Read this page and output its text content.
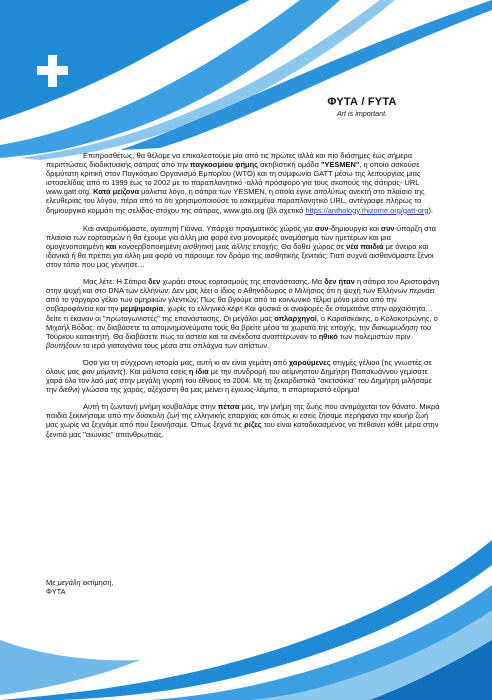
ΦΥΤΑ / FYTA
Art is important.

Επιπροσθέτως, θα θέλαμε να επικαλεστούμε μία από τις πρώτες αλλά και πιο διάσημες έως σήμερα περιπτώσεις διαδικτυακής σάτιρας από την παγκοσμίου φήμης ακτιβιστική ομάδα "YESMEN", η οποία ασκούσε δριμύτατη κριτική στον Παγκόσμιο Οργανισμό Εμπορίου (WTO) και τη συμφωνία GATT μέσω της λειτουργίας μιας ιστοσελίδας από το 1999 έως το 2002 με το παραπλανητικό -αλλά πρόσφορο για τους σκοπούς της σάτιρας- URL www.gatt.org. Κατά μείζονα μάλιστα λόγο, η σάτιρα των YESMEN, η οποία έγινε απολύτως ανεκτή στο πλαίσιο της ελευθερίας του λόγου, πέρα από το ότι χρησιμοποιούσε το εσκεμμένα παραπλανητικό URL, αντέγραφε πλήρως το δημιουργικό κομμάτι της σελίδας-στόχου της σάτιρας, www.gto.org (βλ σχετικά https://anthology.rhizome.org/gatt-org).

Και αναρωτιόμαστε, αγαπητή Γιάννα. Υπάρχει πραγματικός χώρος για συν-δημιουργία και συν-ύπαρξη στα πλαίσια των εορτασμών ή θα έχουμε για άλλη μια φορά ένα μονομερές αναμάσημα των ημετέρων και μια ομογενοποιημένη και κονσερβοποιημένη αισθητική μιας άλλης εποχής; Θα δοθεί χώρος σε νέα παιδιά με όνειρα και ιδανικά ή θα πρέπει για άλλη μια φορά να πάρουμε τον δρόμο της αισθητικής ξενιτιάς; Γιατί συχνά αισθανόμαστε ξένοι στον τόπο που μας γέννησε…

Μας λέτε: Η Σάτιρα δεν χωράει στους εορτασμούς της επανάστασης. Μα δεν ήταν η σάτιρα του Αριστοφάνη στην ψυχή και στο DNA των ελλήνων; Δεν μας λέει ο ίδιος ο Αθηνόδωρος ο Μιλήσιος ότι η ψυχή των Ελλήνων περνάει από το γάργαρο γέλιο των ομηρικών γλεντιών; Πως θα βγούμε από το κοινωνικό τέλμα μόνο μέσα από την σοβαροφάνεια και την μεμψιμοιρία, χωρίς το ελληνικό κέφι! Και φυσικά οι αναφορές δε σταματάνε στην αρχαιότητα… δείτε τι έκαναν οι "πρωταγωνιστές" της επανάστασης. Οι μεγάλοι μας οπλαρχηγοί, ο Καραϊσκάκης, ο Κολοκοτρώνης, ο Μιχαήλ Βόδας: αν διαβάσετε τα απομνημονεύματα τους θα βρείτε μέσα τα χωρατά της εποχής, την διακωμώδηση του Τούρκου κατακτητή. Θα διαβάσετε πως τα αστεία και τα ανέκδοτα αναπτέρωναν το ηθικό των πολεμιστών πριν βουτήξουν τα ιερά γιαταγάνια τους μέσα στα σπλάχνα των απίστων.

Όσο για τη σύγχρονη ιστορία μας, αυτή κι αν είναι γεμάτη από χαρούμενες στιγμές γέλιου (τις γνωστές σε όλους μας φαν μόμαντς). Και μάλιστα εσείς η ίδια με την συνδρομή του αείμνηστου Δημήτρη Παπαϊωάννου γεμίσατε χαρά όλο τον λαό μας στην μεγάλη γιορτή του έθνους το 2004. Με τη ξεκαρδιστικά "σκετσάκια" του Δημήτρη μιλήσαμε την διεθνή γλώσσα της χαράς, αξέχαστη θα μας μείνει η έγκυος-λάμπα, τι σπαρταριστό εύρημα!

Αυτή τη ζωντανή μνήμη κουβαλάμε στην πέτσα μας, την μνήμη της ζωής που αντιμάχεται τον θάνατο. Μικρά παιδιά ξεκινήσαμε από την δύσκολη ζωή της ελληνικής επαρχίας και όπως κι εσείς ζήσαμε περήφανα την κουήρ ζωή μας χωρίς να ξεχνάμε από που ξεκινήσαμε. Όπως ξεχνά τις ρίζες του είναι καταδικασμένος να πεθαίνει κάθε μέρα στην ξενιτιά μας "αιώνιας" απανθρωπιάς.

Με μεγάλη εκτίμηση,
ΦΥΤΑ
